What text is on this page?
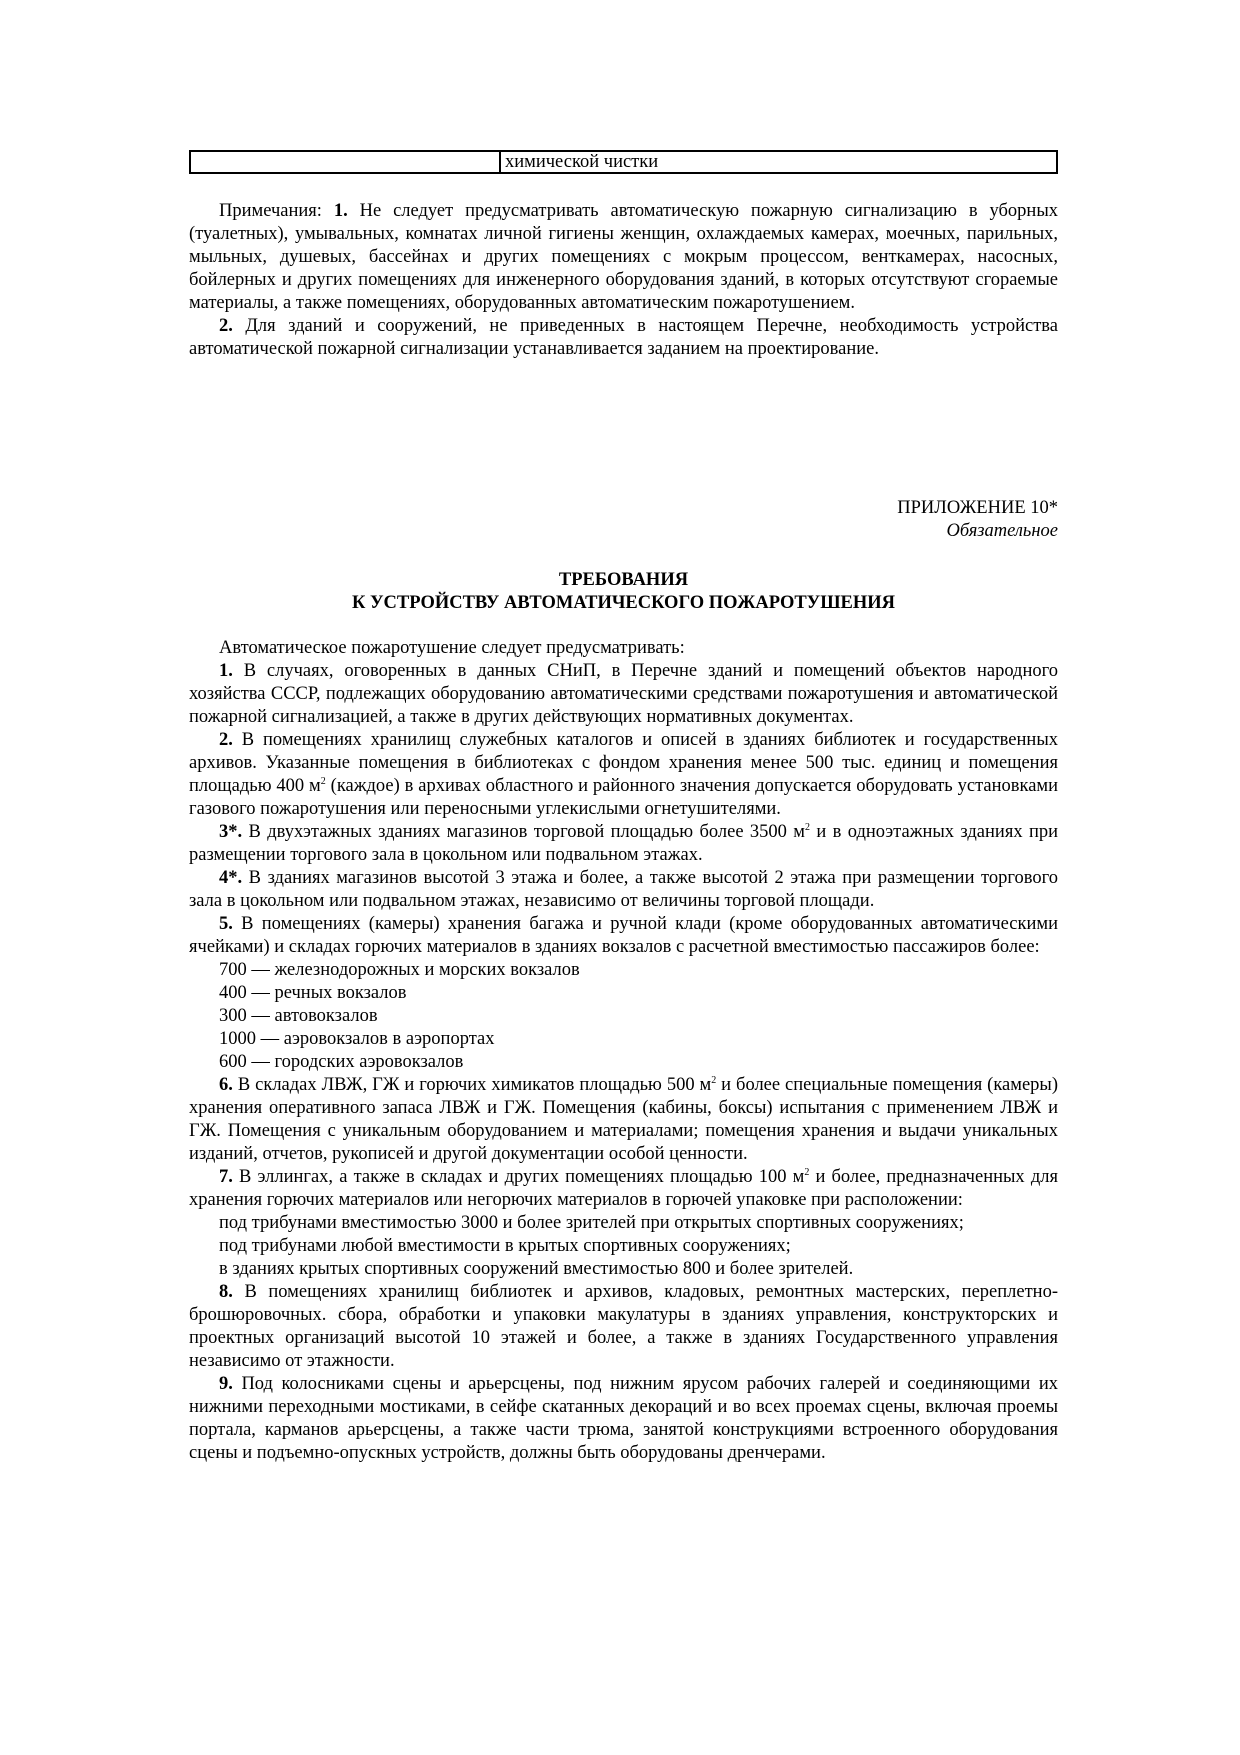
	химической чистки

Примечания: 1. Не следует предусматривать автоматическую пожарную сигнализацию в уборных (туалетных), умывальных, комнатах личной гигиены женщин, охлаждаемых камерах, моечных, парильных, мыльных, душевых, бассейнах и других помещениях с мокрым процессом, венткамерах, насосных, бойлерных и других помещениях для инженерного оборудования зданий, в которых отсутствуют сгораемые материалы, а также помещениях, оборудованных автоматическим пожаротушением.

2. Для зданий и сооружений, не приведенных в настоящем Перечне, необходимость устройства автоматической пожарной сигнализации устанавливается заданием на проектирование.

ПРИЛОЖЕНИЕ 10*
Обязательное
ТРЕБОВАНИЯ
К УСТРОЙСТВУ АВТОМАТИЧЕСКОГО ПОЖАРОТУШЕНИЯ

Автоматическое пожаротушение следует предусматривать:

1. В случаях, оговоренных в данных СНиП, в Перечне зданий и помещений объектов народного хозяйства СССР, подлежащих оборудованию автоматическими средствами пожаротушения и автоматической пожарной сигнализацией, а также в других действующих нормативных документах.

2. В помещениях хранилищ служебных каталогов и описей в зданиях библиотек и государственных архивов. Указанные помещения в библиотеках с фондом хранения менее 500 тыс. единиц и помещения площадью 400 $м^2$ (каждое) в архивах областного и районного значения допускается оборудовать установками газового пожаротушения или переносными углекислыми огнетушителями.

3*. В двухэтажных зданиях магазинов торговой площадью более 3500 $м^2$ и в одноэтажных зданиях при размещении торгового зала в цокольном или подвальном этажах.

4*. В зданиях магазинов высотой 3 этажа и более, а также высотой 2 этажа при размещении торгового зала в цокольном или подвальном этажах, независимо от величины торговой площади.

5. В помещениях (камеры) хранения багажа и ручной клади (кроме оборудованных автоматическими ячейками) и складах горючих материалов в зданиях вокзалов с расчетной вместимостью пассажиров более:

700 — железнодорожных и морских вокзалов

400 — речных вокзалов

300 — автовокзалов

1000 — аэровокзалов в аэропортах

600 — городских аэровокзалов

6. В складах ЛВЖ, ГЖ и горючих химикатов площадью 500 $м^2$ и более специальные помещения (камеры) хранения оперативного запаса ЛВЖ и ГЖ. Помещения (кабины, боксы) испытания с применением ЛВЖ и ГЖ. Помещения с уникальным оборудованием и материалами; помещения хранения и выдачи уникальных изданий, отчетов, рукописей и другой документации особой ценности.

7. В эллингах, а также в складах и других помещениях площадью 100 $м^2$ и более, предназначенных для хранения горючих материалов или негорючих материалов в горючей упаковке при расположении:

под трибунами вместимостью 3000 и более зрителей при открытых спортивных сооружениях;

под трибунами любой вместимости в крытых спортивных сооружениях;

в зданиях крытых спортивных сооружений вместимостью 800 и более зрителей.

8. В помещениях хранилищ библиотек и архивов, кладовых, ремонтных мастерских, переплетно-брошюровочных. сбора, обработки и упаковки макулатуры в зданиях управления, конструкторских и проектных организаций высотой 10 этажей и более, а также в зданиях Государственного управления независимо от этажности.

9. Под колосниками сцены и арьерсцены, под нижним ярусом рабочих галерей и соединяющими их нижними переходными мостиками, в сейфе скатанных декораций и во всех проемах сцены, включая проемы портала, карманов арьерсцены, а также части трюма, занятой конструкциями встроенного оборудования сцены и подъемно-опускных устройств, должны быть оборудованы дренчерами.
